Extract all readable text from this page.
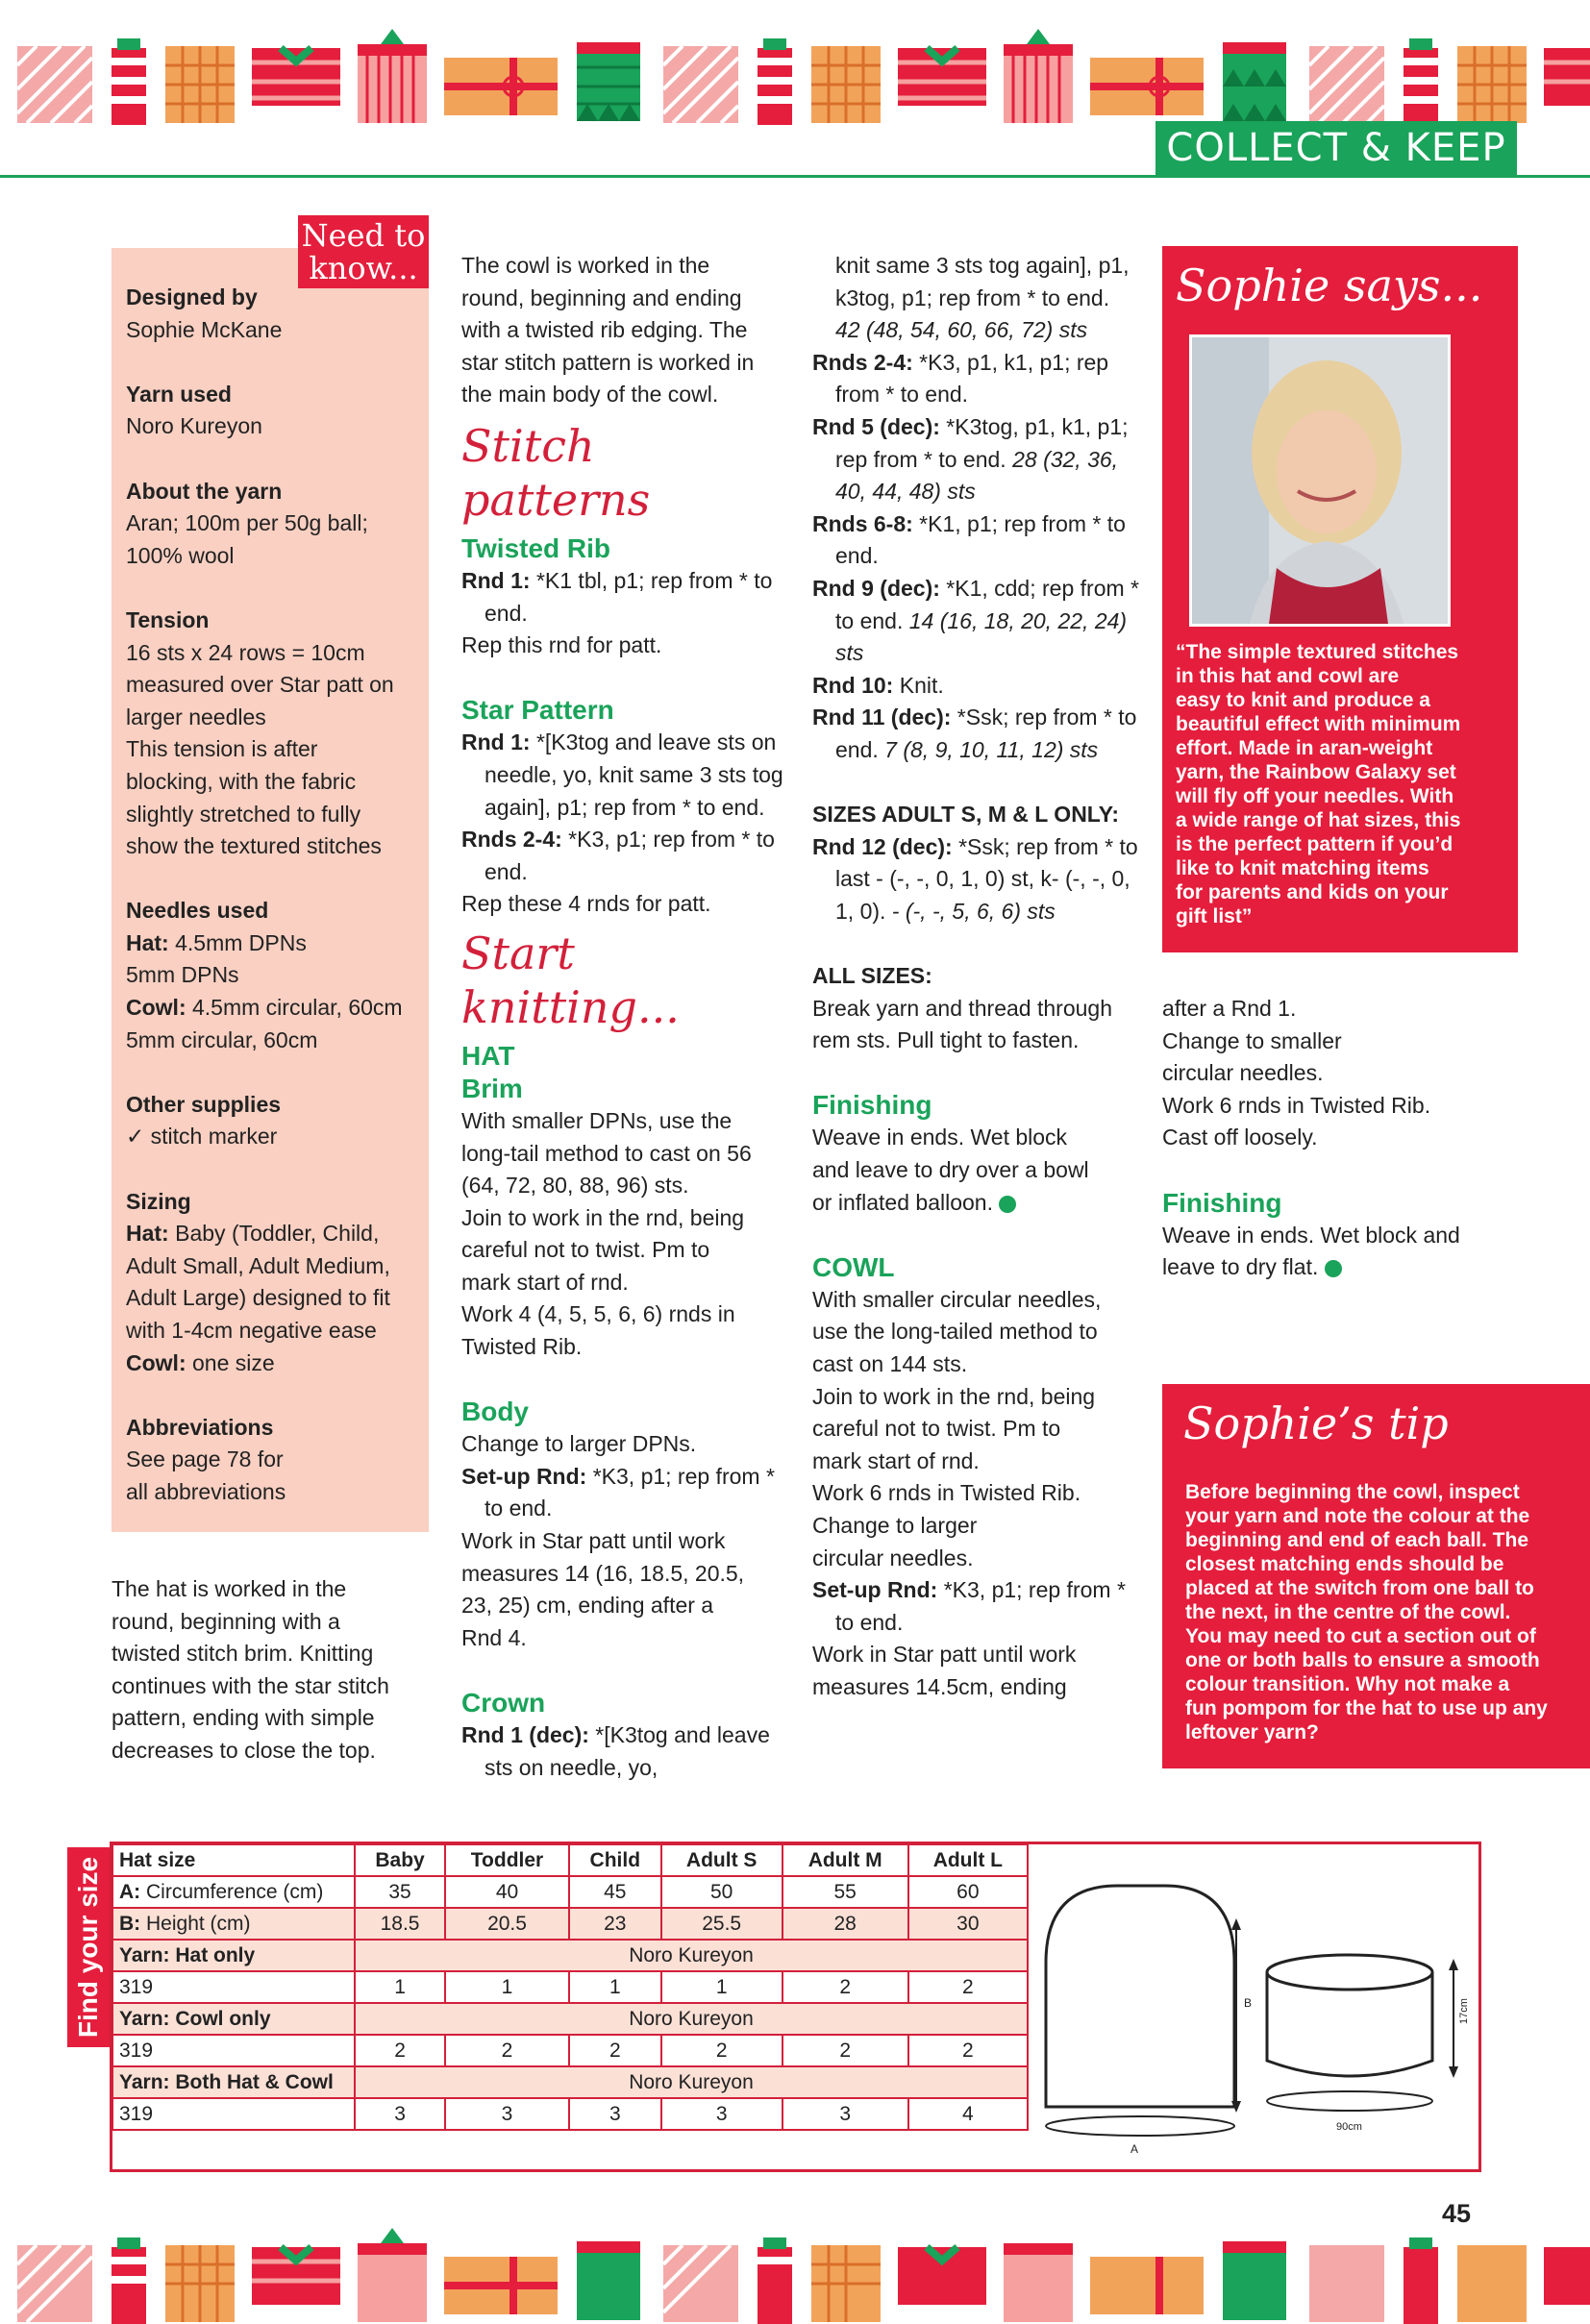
COLLECT & KEEP
Need to know...

Designed by

Sophie McKane

Yarn used

Noro Kureyon

About the yarn

Aran; 100m per 50g ball;

100% wool

Tension

16 sts x 24 rows = 10cm

measured over Star patt on

larger needles

This tension is after

blocking, with the fabric

slightly stretched to fully

show the textured stitches

Needles used

Hat: 4.5mm DPNs

5mm DPNs

Cowl: 4.5mm circular, 60cm

5mm circular, 60cm

Other supplies

✓ stitch marker

Sizing

Hat: Baby (Toddler, Child,

Adult Small, Adult Medium,

Adult Large) designed to fit

with 1-4cm negative ease

Cowl: one size

Abbreviations

See page 78 for

all abbreviations

The hat is worked in the

round, beginning with a

twisted stitch brim. Knitting

continues with the star stitch

pattern, ending with simple

decreases to close the top.

The cowl is worked in the

round, beginning and ending

with a twisted rib edging. The

star stitch pattern is worked in

the main body of the cowl.

Stitch patterns

Twisted Rib

Rnd 1: *K1 tbl, p1; rep from * to end.

Rep this rnd for patt.

Star Pattern

Rnd 1: *[K3tog and leave sts on needle, yo, knit same 3 sts tog again], p1; rep from * to end.

Rnds 2-4: *K3, p1; rep from * to end.

Rep these 4 rnds for patt.

Start knitting...

HAT

Brim

With smaller DPNs, use the

long-tail method to cast on 56

(64, 72, 80, 88, 96) sts.

Join to work in the rnd, being

careful not to twist. Pm to

mark start of rnd.

Work 4 (4, 5, 5, 6, 6) rnds in

Twisted Rib.

Body

Change to larger DPNs.

Set-up Rnd: *K3, p1; rep from * to end.

Work in Star patt until work

measures 14 (16, 18.5, 20.5,

23, 25) cm, ending after a

Rnd 4.

Crown

Rnd 1 (dec): *[K3tog and leave sts on needle, yo,

knit same 3 sts tog again], p1, k3tog, p1; rep from * to end. 42 (48, 54, 60, 66, 72) sts

Rnds 2-4: *K3, p1, k1, p1; rep from * to end.

Rnd 5 (dec): *K3tog, p1, k1, p1; rep from * to end. 28 (32, 36, 40, 44, 48) sts

Rnds 6-8: *K1, p1; rep from * to end.

Rnd 9 (dec): *K1, cdd; rep from * to end. 14 (16, 18, 20, 22, 24) sts

Rnd 10: Knit.

Rnd 11 (dec): *Ssk; rep from * to end. 7 (8, 9, 10, 11, 12) sts

SIZES ADULT S, M & L ONLY:

Rnd 12 (dec): *Ssk; rep from * to last - (-, -, 0, 1, 0) st, k- (-, -, 0, 1, 0). - (-, -, 5, 6, 6) sts

ALL SIZES:

Break yarn and thread through

rem sts. Pull tight to fasten.

Finishing

Weave in ends. Wet block

and leave to dry over a bowl

or inflated balloon.

COWL

With smaller circular needles,

use the long-tailed method to

cast on 144 sts.

Join to work in the rnd, being

careful not to twist. Pm to

mark start of rnd.

Work 6 rnds in Twisted Rib.

Change to larger

circular needles.

Set-up Rnd: *K3, p1; rep from * to end.

Work in Star patt until work

measures 14.5cm, ending

Sophie says...
“The simple textured stitches
in this hat and cowl are
easy to knit and produce a
beautiful effect with minimum
effort. Made in aran-weight
yarn, the Rainbow Galaxy set
will fly off your needles. With
a wide range of hat sizes, this
is the perfect pattern if you’d
like to knit matching items
for parents and kids on your
gift list”

after a Rnd 1.

Change to smaller

circular needles.

Work 6 rnds in Twisted Rib.

Cast off loosely.

Finishing

Weave in ends. Wet block and

leave to dry flat.

Sophie’s tip
Before beginning the cowl, inspect
your yarn and note the colour at the
beginning and end of each ball. The
closest matching ends should be
placed at the switch from one ball to
the next, in the centre of the cowl.
You may need to cut a section out of
one or both balls to ensure a smooth
colour transition. Why not make a
fun pompom for the hat to use up any
leftover yarn?
Find your size Hat size	Baby	Toddler	Child	Adult S	Adult M	Adult L
A: Circumference (cm)	35	40	45	50	55	60
B: Height (cm)	18.5	20.5	23	25.5	28	30
Yarn: Hat only	Noro Kureyon					
319	1	1	1	1	2	2
Yarn: Cowl only	Noro Kureyon					
319	2	2	2	2	2	2
Yarn: Both Hat & Cowl	Noro Kureyon					
319	3	3	3	3	3	4
B
A
17cm
90cm
45
